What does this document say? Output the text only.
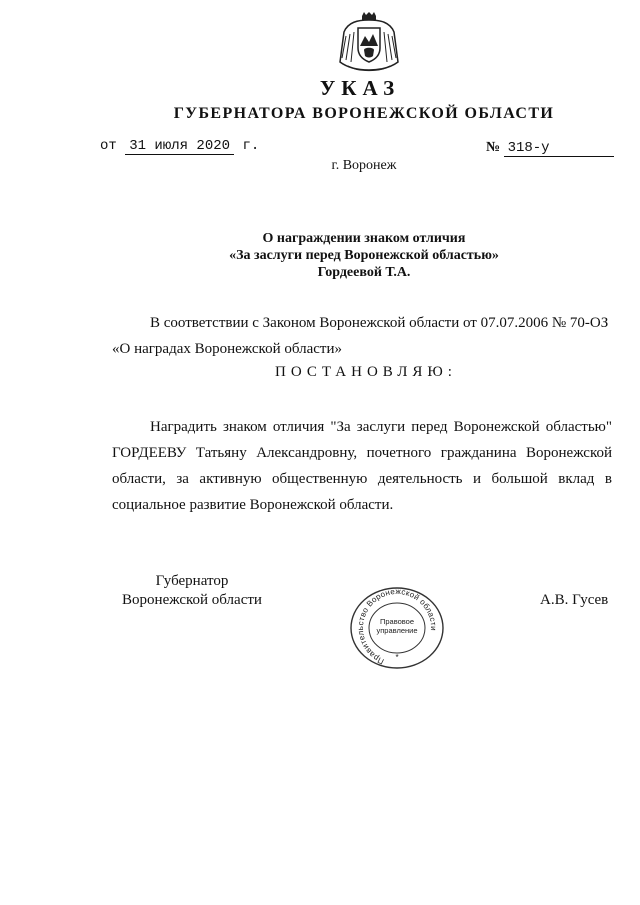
УКАЗ
ГУБЕРНАТОРА ВОРОНЕЖСКОЙ ОБЛАСТИ
от 31 июля 2020 г.	№ 318-у
г. Воронеж
О награждении знаком отличия
«За заслуги перед Воронежской областью»
Гордеевой Т.А.
В соответствии с Законом Воронежской области от 07.07.2006 № 70-ОЗ «О наградах Воронежской области»
ПОСТАНОВЛЯЮ:
Наградить знаком отличия "За заслуги перед Воронежской областью" ГОРДЕЕВУ Татьяну Александровну, почетного гражданина Воронежской области, за активную общественную деятельность и большой вклад в социальное развитие Воронежской области.
Губернатор
Воронежской области
Правительство Воронежской области
*
Правовое
управление
А.В. Гусев
